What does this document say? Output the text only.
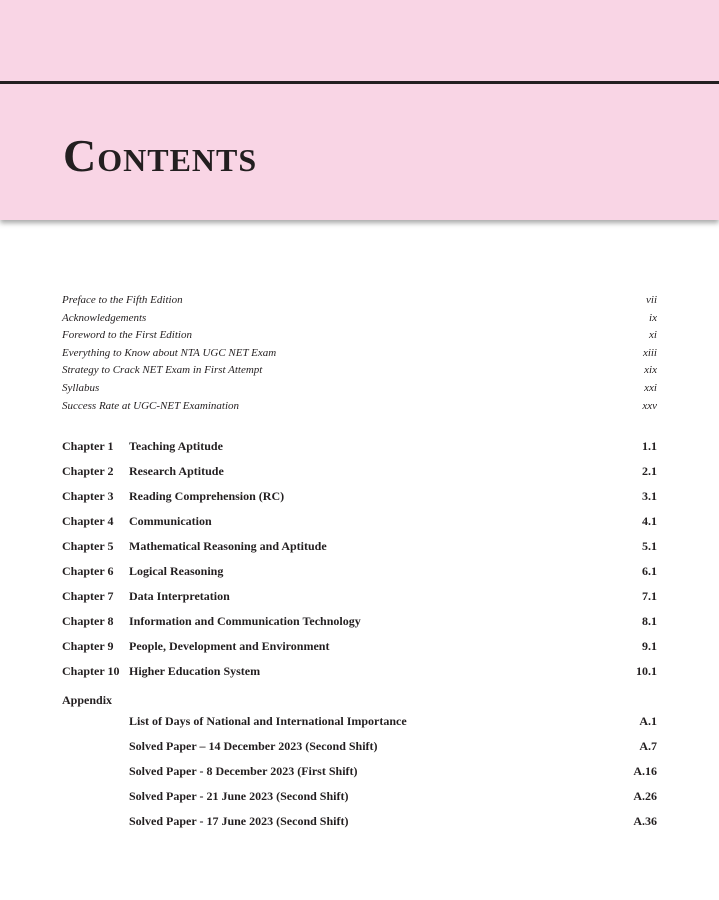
Contents
Preface to the Fifth Edition	vii
Acknowledgements	ix
Foreword to the First Edition	xi
Everything to Know about NTA UGC NET Exam	xiii
Strategy to Crack NET Exam in First Attempt	xix
Syllabus	xxi
Success Rate at UGC-NET Examination	xxv
Chapter 1	Teaching Aptitude	1.1
Chapter 2	Research Aptitude	2.1
Chapter 3	Reading Comprehension (RC)	3.1
Chapter 4	Communication	4.1
Chapter 5	Mathematical Reasoning and Aptitude	5.1
Chapter 6	Logical Reasoning	6.1
Chapter 7	Data Interpretation	7.1
Chapter 8	Information and Communication Technology	8.1
Chapter 9	People, Development and Environment	9.1
Chapter 10 Higher Education System	10.1
Appendix
List of Days of National and International Importance	A.1
Solved Paper – 14 December 2023 (Second Shift)	A.7
Solved Paper - 8 December 2023 (First Shift)	A.16
Solved Paper - 21 June 2023 (Second Shift)	A.26
Solved Paper - 17 June 2023 (Second Shift)	A.36
